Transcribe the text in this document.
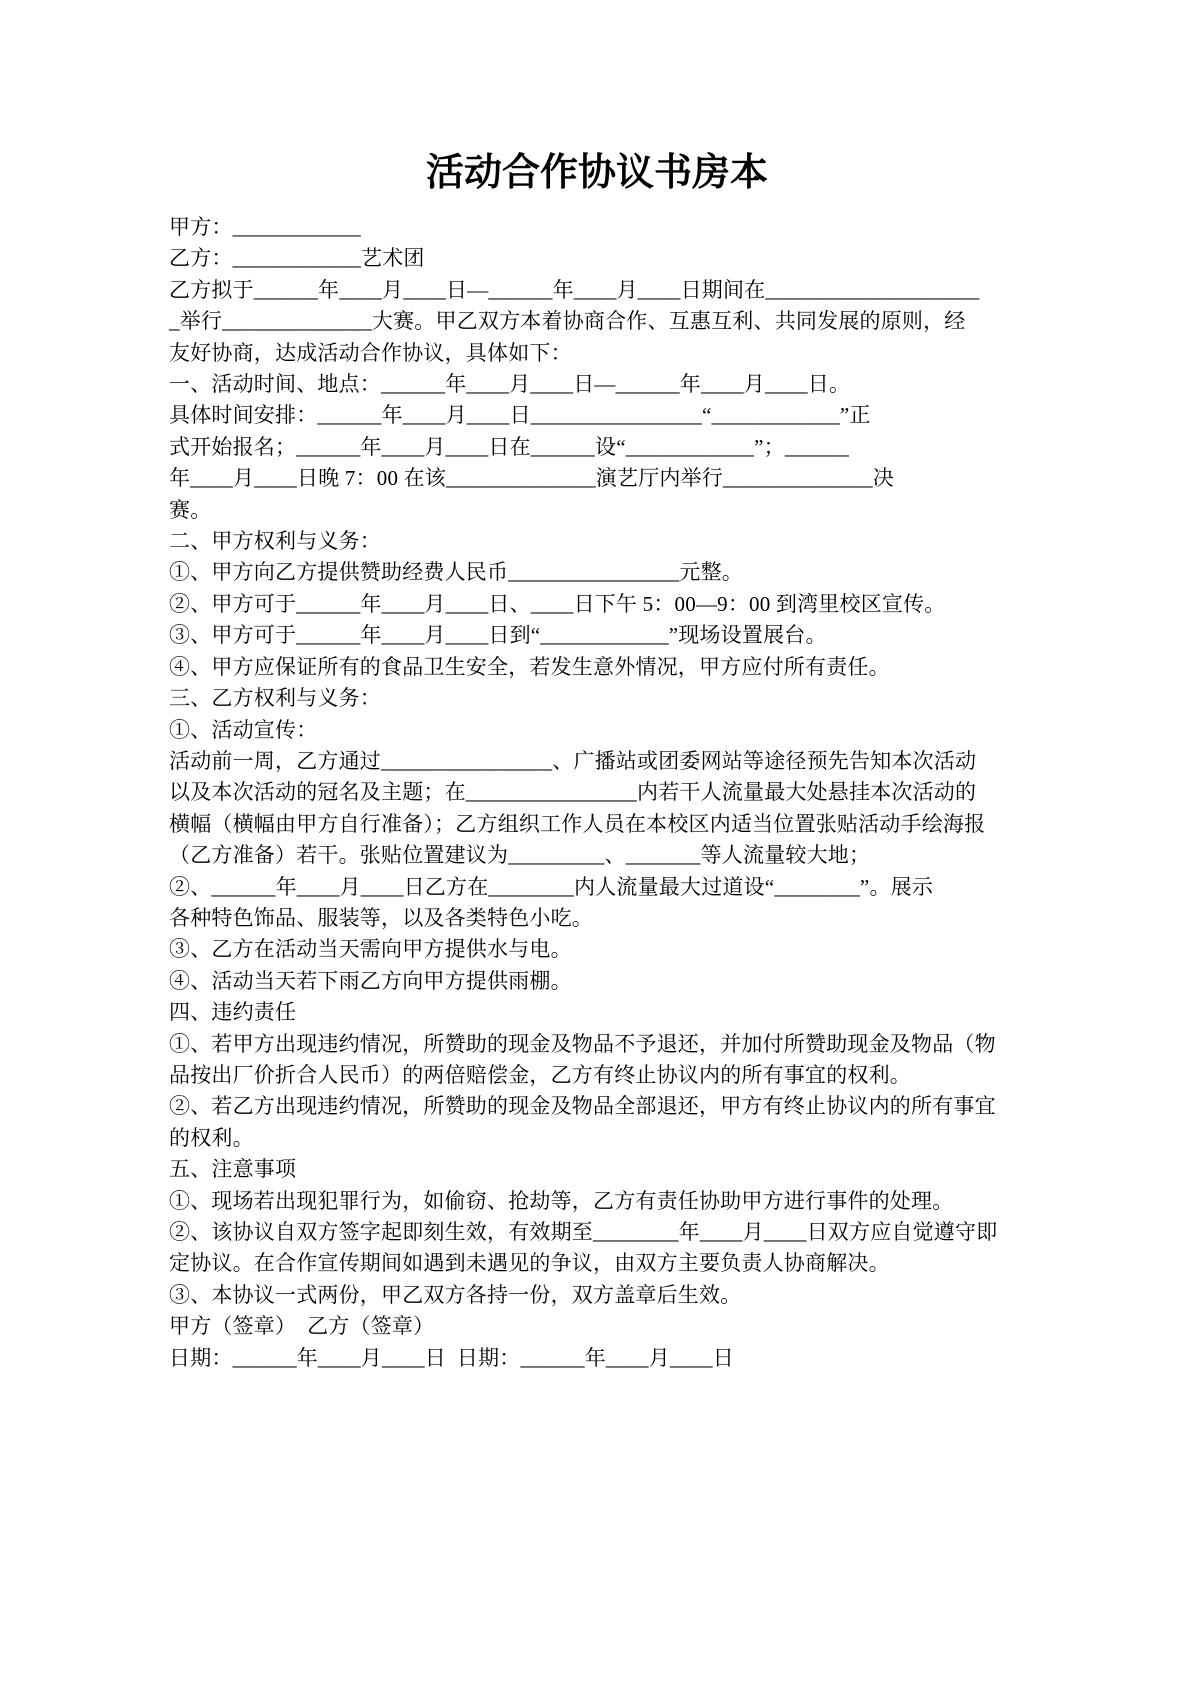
活动合作协议书房本
甲方：____________
乙方：____________艺术团
乙方拟于______年____月____日—______年____月____日期间在____________________
_举行______________大赛。甲乙双方本着协商合作、互惠互利、共同发展的原则，经
友好协商，达成活动合作协议，具体如下：
一、活动时间、地点：______年____月____日—______年____月____日。
具体时间安排：______年____月____日________________“____________”正
式开始报名；______年____月____日在______设“____________”；______
年____月____日晚 7：00 在该______________演艺厅内举行______________决
赛。
二、甲方权利与义务：
①、甲方向乙方提供赞助经费人民币________________元整。
②、甲方可于______年____月____日、____日下午 5：00—9：00 到湾里校区宣传。
③、甲方可于______年____月____日到“____________”现场设置展台。
④、甲方应保证所有的食品卫生安全，若发生意外情况，甲方应付所有责任。
三、乙方权利与义务：
①、活动宣传：
活动前一周，乙方通过________________、广播站或团委网站等途径预先告知本次活动
以及本次活动的冠名及主题；在________________内若干人流量最大处悬挂本次活动的
横幅（横幅由甲方自行准备）；乙方组织工作人员在本校区内适当位置张贴活动手绘海报
（乙方准备）若干。张贴位置建议为_________、_______等人流量较大地；
②、______年____月____日乙方在________内人流量最大过道设“________”。展示
各种特色饰品、服装等，以及各类特色小吃。
③、乙方在活动当天需向甲方提供水与电。
④、活动当天若下雨乙方向甲方提供雨棚。
四、违约责任
①、若甲方出现违约情况，所赞助的现金及物品不予退还，并加付所赞助现金及物品（物
品按出厂价折合人民币）的两倍赔偿金，乙方有终止协议内的所有事宜的权利。
②、若乙方出现违约情况，所赞助的现金及物品全部退还，甲方有终止协议内的所有事宜
的权利。
五、注意事项
①、现场若出现犯罪行为，如偷窃、抢劫等，乙方有责任协助甲方进行事件的处理。
②、该协议自双方签字起即刻生效，有效期至________年____月____日双方应自觉遵守即
定协议。在合作宣传期间如遇到未遇见的争议，由双方主要负责人协商解决。
③、本协议一式两份，甲乙双方各持一份，双方盖章后生效。
甲方（签章）  乙方（签章）
日期：______年____月____日  日期：______年____月____日
